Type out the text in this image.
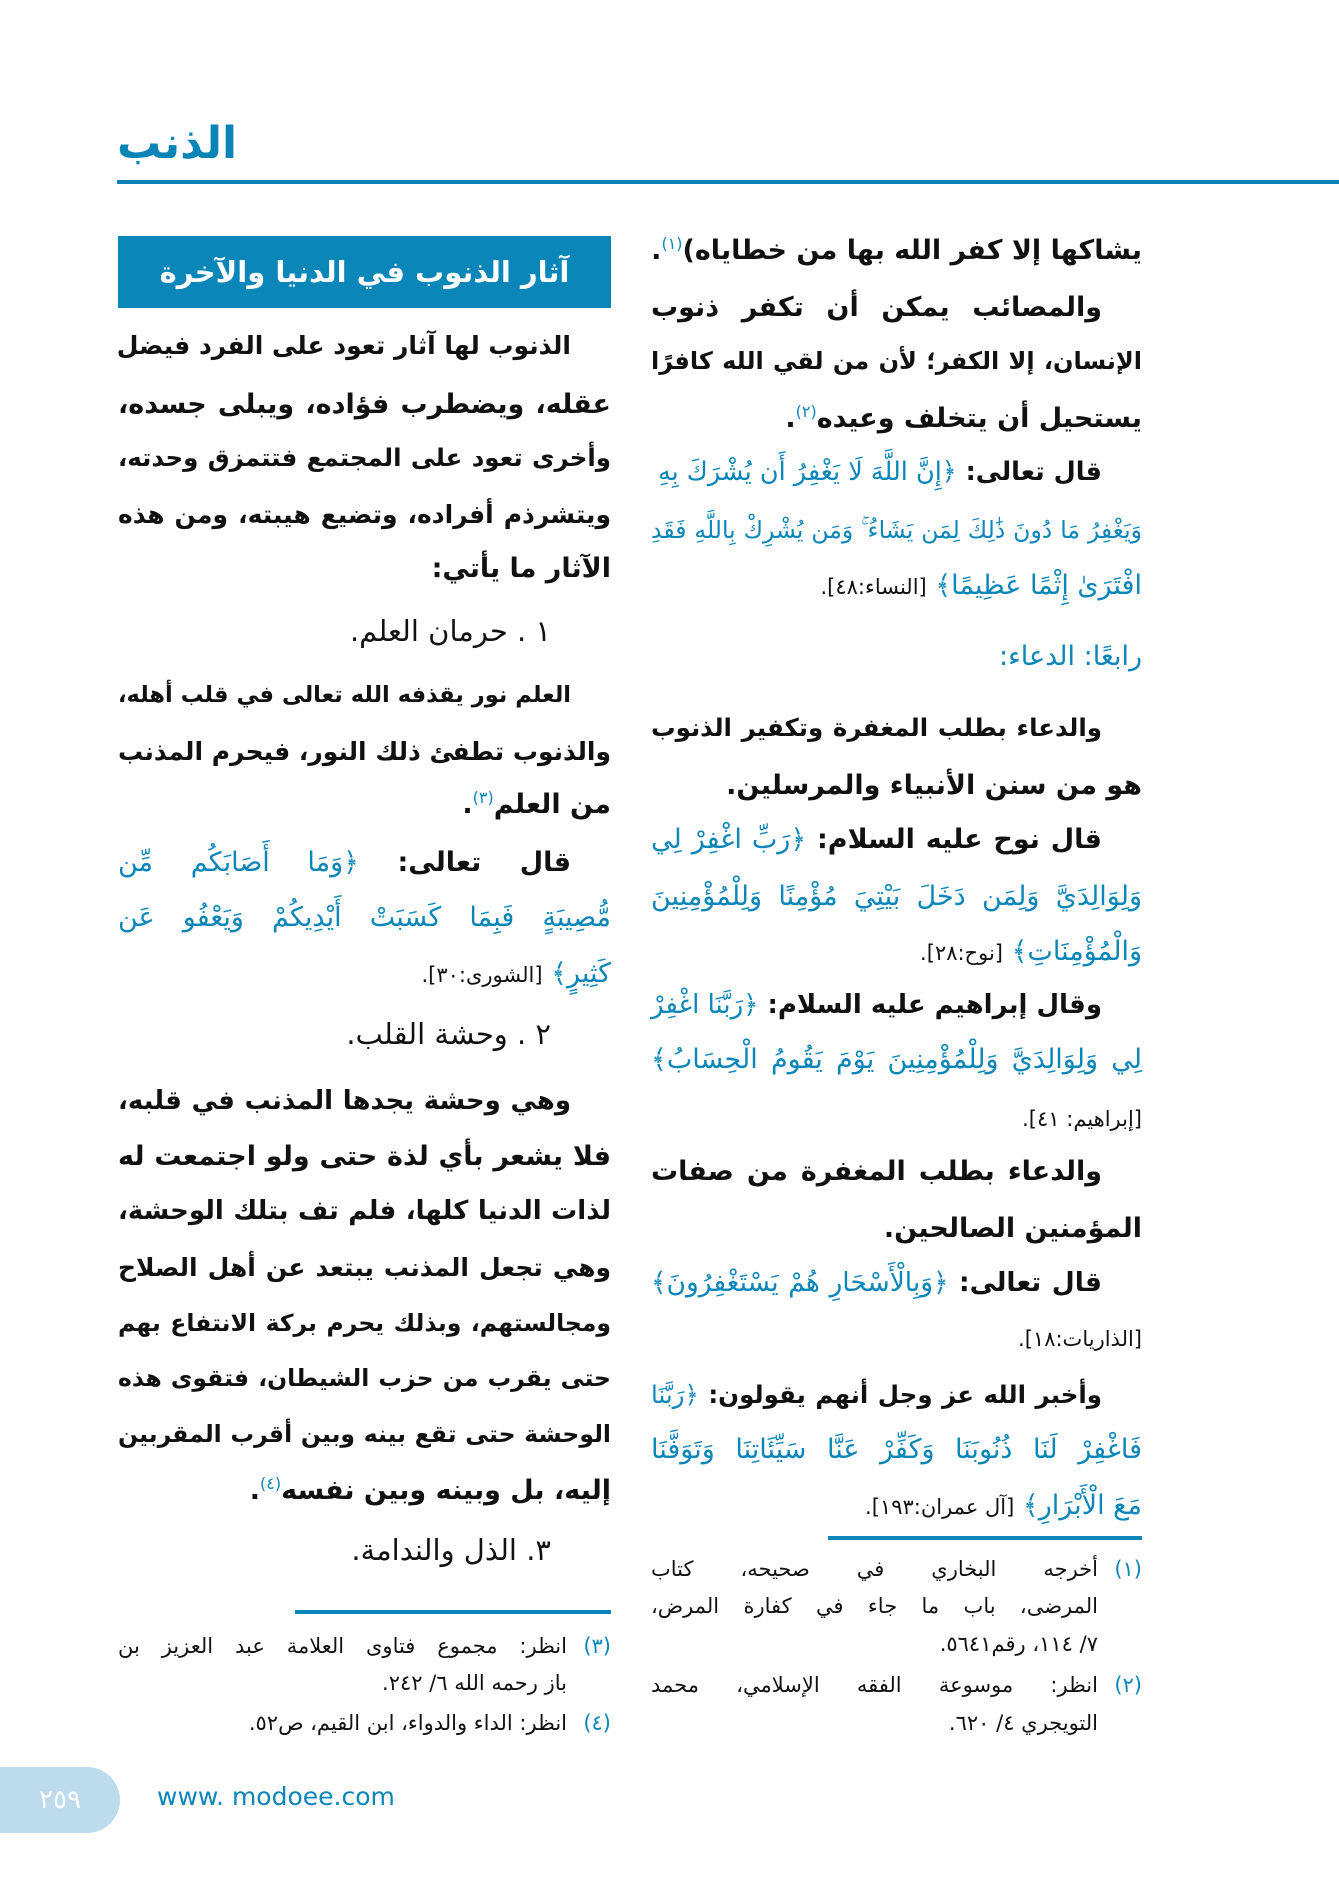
الذنب
آثار الذنوب في الدنيا والآخرة
يشاكها إلا كفر الله بها من خطاياه)$^{(١)}$.
والمصائب يمكن أن تكفر ذنوب
الإنسان، إلا الكفر؛ لأن من لقي الله كافرًا
يستحيل أن يتخلف وعيده$^{(٢)}$.
قال تعالى: ﴿إِنَّ اللَّهَ لَا يَغْفِرُ أَن يُشْرَكَ بِهِ
وَيَغْفِرُ مَا دُونَ ذَٰلِكَ لِمَن يَشَاءُ ۚ وَمَن يُشْرِكْ بِاللَّهِ فَقَدِ
افْتَرَىٰ إِثْمًا عَظِيمًا﴾ [النساء:٤٨].
رابعًا: الدعاء:
والدعاء بطلب المغفرة وتكفير الذنوب
هو من سنن الأنبياء والمرسلين.
قال نوح عليه السلام: ﴿رَبِّ اغْفِرْ لِي
وَلِوَالِدَيَّ وَلِمَن دَخَلَ بَيْتِيَ مُؤْمِنًا وَلِلْمُؤْمِنِينَ
وَالْمُؤْمِنَاتِ﴾ [نوح:٢٨].
وقال إبراهيم عليه السلام: ﴿رَبَّنَا اغْفِرْ
لِي وَلِوَالِدَيَّ وَلِلْمُؤْمِنِينَ يَوْمَ يَقُومُ الْحِسَابُ﴾
[إبراهيم: ٤١].
والدعاء بطلب المغفرة من صفات
المؤمنين الصالحين.
قال تعالى: ﴿وَبِالْأَسْحَارِ هُمْ يَسْتَغْفِرُونَ﴾
[الذاريات:١٨].
وأخبر الله عز وجل أنهم يقولون: ﴿رَبَّنَا
فَاغْفِرْ لَنَا ذُنُوبَنَا وَكَفِّرْ عَنَّا سَيِّئَاتِنَا وَتَوَفَّنَا
مَعَ الْأَبْرَارِ﴾ [آل عمران:١٩٣].
الذنوب لها آثار تعود على الفرد فيضل
عقله، ويضطرب فؤاده، ويبلى جسده،
وأخرى تعود على المجتمع فتتمزق وحدته،
ويتشرذم أفراده، وتضيع هيبته، ومن هذه
الآثار ما يأتي:
١ . حرمان العلم.
العلم نور يقذفه الله تعالى في قلب أهله،
والذنوب تطفئ ذلك النور، فيحرم المذنب
من العلم$^{(٣)}$.
قال تعالى: ﴿وَمَا أَصَابَكُم مِّن
مُّصِيبَةٍ فَبِمَا كَسَبَتْ أَيْدِيكُمْ وَيَعْفُو عَن
كَثِيرٍ﴾ [الشورى:٣٠].
٢ . وحشة القلب.
وهي وحشة يجدها المذنب في قلبه،
فلا يشعر بأي لذة حتى ولو اجتمعت له
لذات الدنيا كلها، فلم تف بتلك الوحشة،
وهي تجعل المذنب يبتعد عن أهل الصلاح
ومجالستهم، وبذلك يحرم بركة الانتفاع بهم
حتى يقرب من حزب الشيطان، فتقوى هذه
الوحشة حتى تقع بينه وبين أقرب المقربين
إليه، بل وبينه وبين نفسه$^{(٤)}$.
٣. الذل والندامة.
(١)أخرجه البخاري في صحيحه، كتاب
المرضى، باب ما جاء في كفارة المرض،
٧/ ١١٤، رقم٥٦٤١.
(٢)انظر: موسوعة الفقه الإسلامي، محمد
التويجري ٤/ ٦٢٠.
(٣)انظر: مجموع فتاوى العلامة عبد العزيز بن
باز رحمه الله ٦/ ٢٤٢.
(٤)انظر: الداء والدواء، ابن القيم، ص٥٢.
٢٥٩	www. modoee.com
